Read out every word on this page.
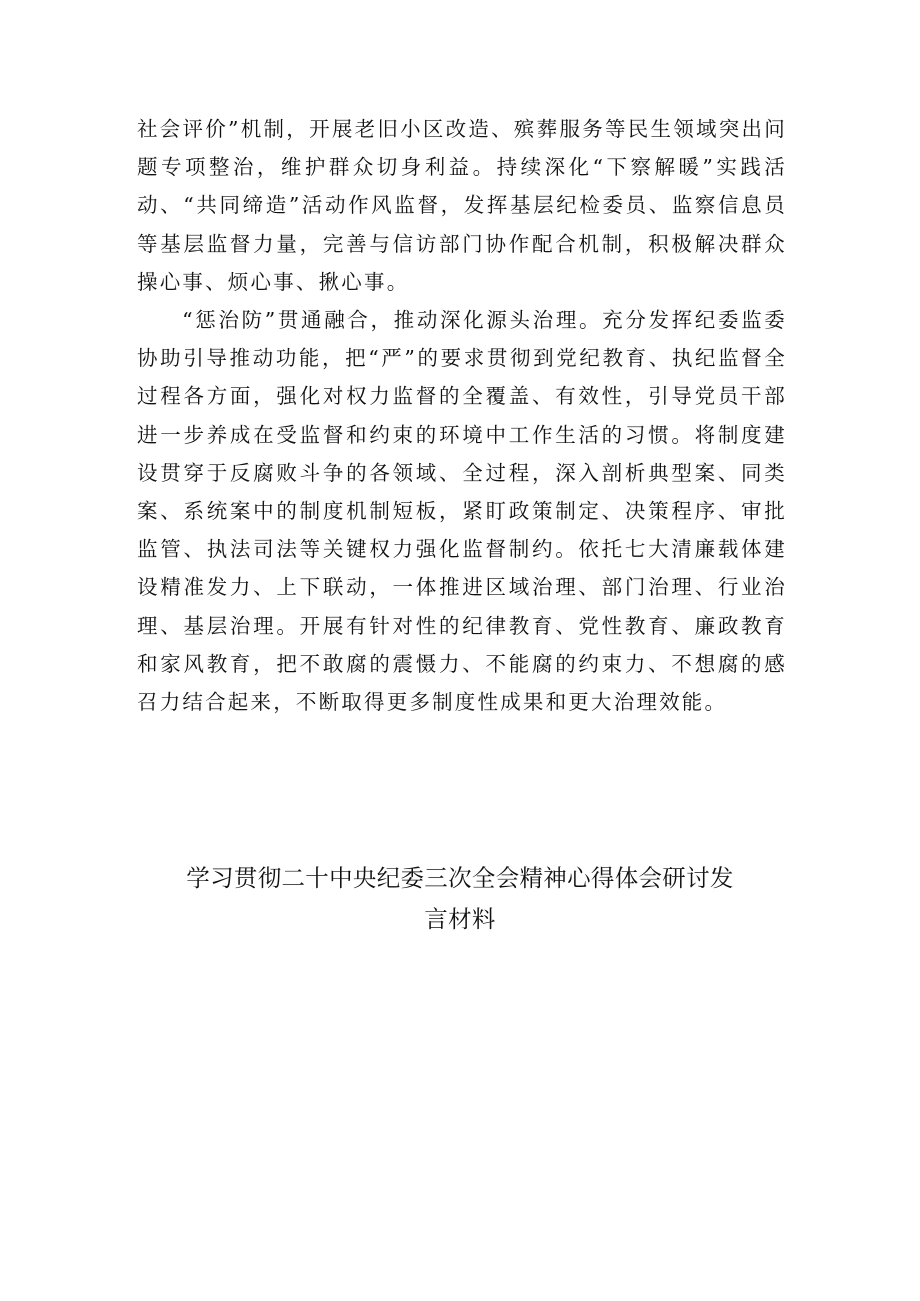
社会评价”机制，开展老旧小区改造、殡葬服务等民生领域突出问题专项整治，维护群众切身利益。持续深化“下察解暖”实践活动、“共同缔造”活动作风监督，发挥基层纪检委员、监察信息员等基层监督力量，完善与信访部门协作配合机制，积极解决群众操心事、烦心事、揪心事。

“惩治防”贯通融合，推动深化源头治理。充分发挥纪委监委协助引导推动功能，把“严”的要求贯彻到党纪教育、执纪监督全过程各方面，强化对权力监督的全覆盖、有效性，引导党员干部进一步养成在受监督和约束的环境中工作生活的习惯。将制度建设贯穿于反腐败斗争的各领域、全过程，深入剖析典型案、同类案、系统案中的制度机制短板，紧盯政策制定、决策程序、审批监管、执法司法等关键权力强化监督制约。依托七大清廉载体建设精准发力、上下联动，一体推进区域治理、部门治理、行业治理、基层治理。开展有针对性的纪律教育、党性教育、廉政教育和家风教育，把不敢腐的震慑力、不能腐的约束力、不想腐的感召力结合起来，不断取得更多制度性成果和更大治理效能。

学习贯彻二十中央纪委三次全会精神心得体会研讨发
言材料
